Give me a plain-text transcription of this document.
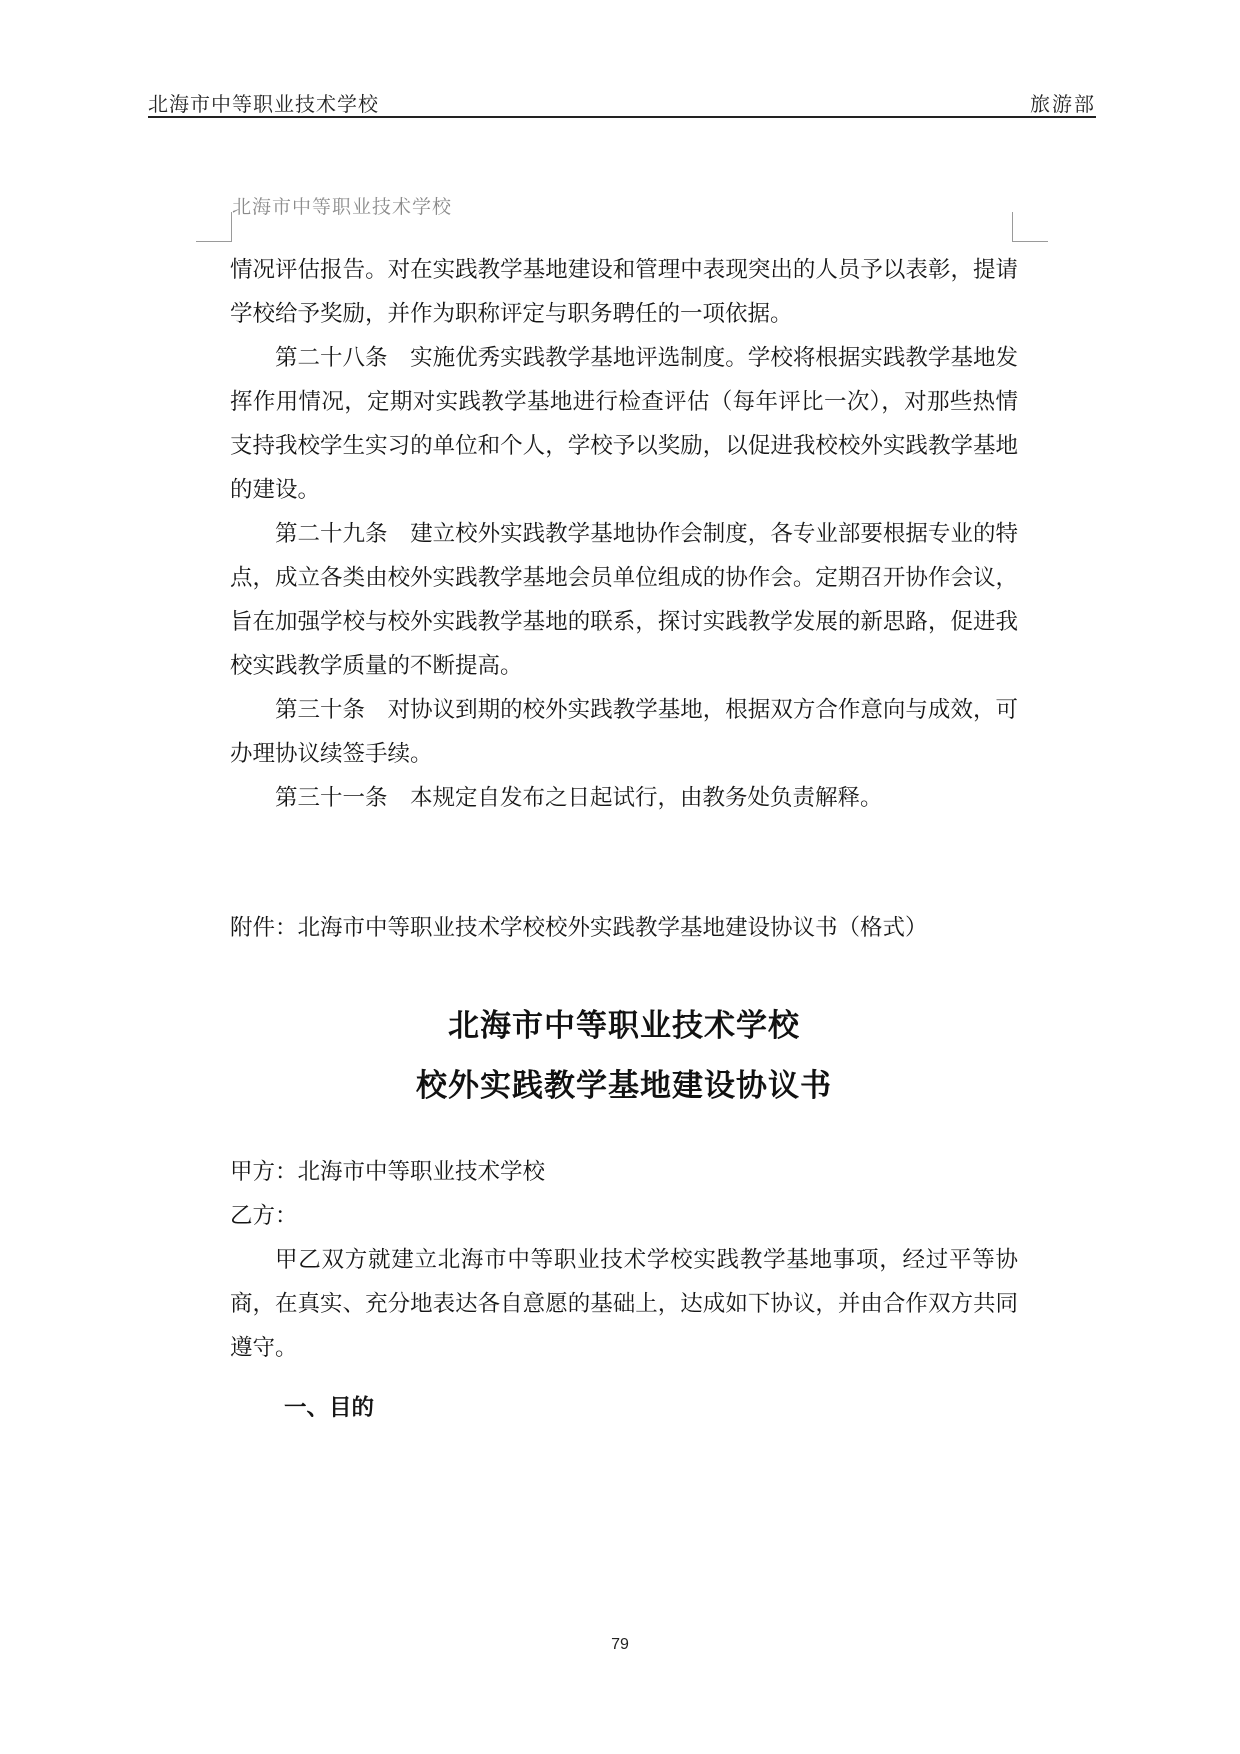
北海市中等职业技术学校	旅游部
北海市中等职业技术学校

情况评估报告。对在实践教学基地建设和管理中表现突出的人员予以表彰，提请学校给予奖励，并作为职称评定与职务聘任的一项依据。

第二十八条 实施优秀实践教学基地评选制度。学校将根据实践教学基地发挥作用情况，定期对实践教学基地进行检查评估（每年评比一次），对那些热情支持我校学生实习的单位和个人，学校予以奖励，以促进我校校外实践教学基地的建设。

第二十九条 建立校外实践教学基地协作会制度，各专业部要根据专业的特点，成立各类由校外实践教学基地会员单位组成的协作会。定期召开协作会议，旨在加强学校与校外实践教学基地的联系，探讨实践教学发展的新思路，促进我校实践教学质量的不断提高。

第三十条 对协议到期的校外实践教学基地，根据双方合作意向与成效，可办理协议续签手续。

第三十一条 本规定自发布之日起试行，由教务处负责解释。

附件：北海市中等职业技术学校校外实践教学基地建设协议书（格式）
北海市中等职业技术学校
校外实践教学基地建设协议书

甲方：北海市中等职业技术学校

乙方：

甲乙双方就建立北海市中等职业技术学校实践教学基地事项，经过平等协商，在真实、充分地表达各自意愿的基础上，达成如下协议，并由合作双方共同遵守。

一、目的
79
